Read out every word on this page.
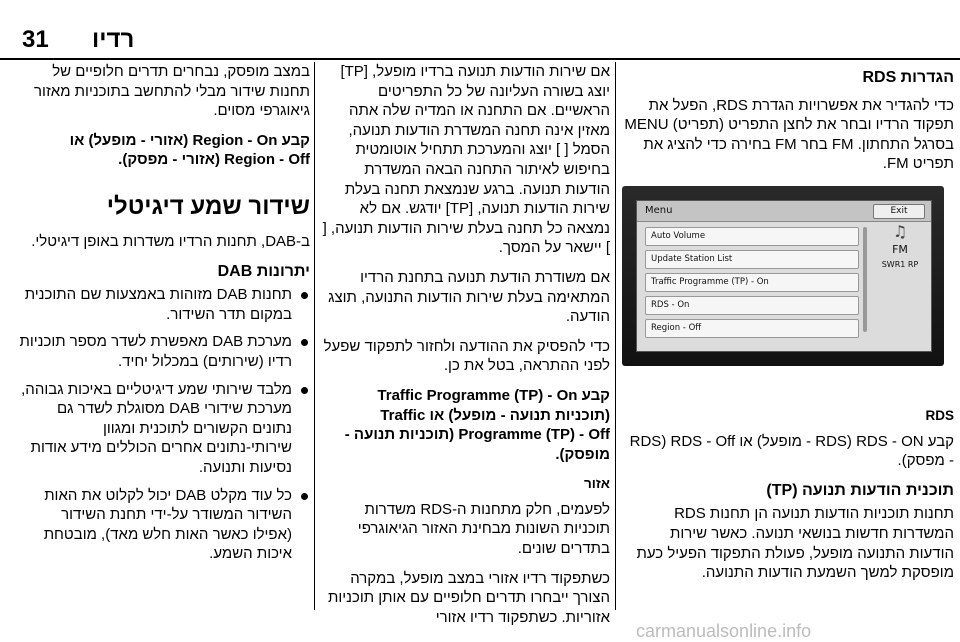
31 רדיו
הגדרות RDS

כדי להגדיר את אפשרויות הגדרת RDS, הפעל את תפקוד הרדיו ובחר את לחצן התפריט (תפריט) MENU בסרגל התחתון. FM בחר FM בחירה כדי להציג את תפריט FM.

RDS

קבע RDS - ON (RDS - מופעל) או RDS - Off (RDS - מפסק).

תוכנית הודעות תנועה (TP)

תחנות תוכניות הודעות תנועה הן תחנות RDS המשדרות חדשות בנושאי תנועה. כאשר שירות הודעות התנועה מופעל, פעולת התפקוד הפעיל כעת מופסקת למשך השמעת הודעות התנועה.

Menu	Exit
Auto Volume
Update Station List
Traffic Programme (TP) - On
RDS - On
Region - Off
♫
FM
SWR1 RP

אם שירות הודעות תנועה ברדיו מופעל, [TP] יוצג בשורה העליונה של כל התפריטים הראשיים. אם התחנה או המדיה שלה אתה מאזין אינה תחנה המשדרת הודעות תנועה, הסמל [ ] יוצג והמערכת תתחיל אוטומטית בחיפוש לאיתור התחנה הבאה המשדרת הודעות תנועה. ברגע שנמצאת תחנה בעלת שירות הודעות תנועה, [TP] יודגש. אם לא נמצאה כל תחנה בעלת שירות הודעות תנועה, [ ] יישאר על המסך.

אם משודרת הודעת תנועה בתחנת הרדיו המתאימה בעלת שירות הודעות התנועה, תוצג הודעה.

כדי להפסיק את ההודעה ולחזור לתפקוד שפעל לפני ההתראה, בטל את כן.

קבע Traffic Programme (TP) - On (תוכניות תנועה - מופעל) או Traffic Programme (TP) - Off (תוכניות תנועה - מופסק).

אזור

לפעמים, חלק מתחנות ה-RDS משדרות תוכניות השונות מבחינת האזור הגיאוגרפי בתדרים שונים.

כשתפקוד רדיו אזורי במצב מופעל, במקרה הצורך ייבחרו תדרים חלופיים עם אותן תוכניות אזוריות. כשתפקוד רדיו אזורי

במצב מופסק, נבחרים תדרים חלופיים של תחנות שידור מבלי להתחשב בתוכניות מאזור גיאוגרפי מסוים.

קבע Region - On (אזורי - מופעל) או Region - Off (אזורי - מפסק).

שידור שמע דיגיטלי

ב-DAB, תחנות הרדיו משדרות באופן דיגיטלי.

יתרונות DAB
תחנות DAB מזוהות באמצעות שם התוכנית במקום תדר השידור.
מערכת DAB מאפשרת לשדר מספר תוכניות רדיו (שירותים) במכלול יחיד.
מלבד שירותי שמע דיגיטליים באיכות גבוהה, מערכת שידורי DAB מסוגלת לשדר גם נתונים הקשורים לתוכנית ומגוון שירותי-נתונים אחרים הכוללים מידע אודות נסיעות ותנועה.
כל עוד מקלט DAB יכול לקלוט את האות השידור המשודר על-ידי תחנת השידור (אפילו כאשר האות חלש מאד), מובטחת איכות השמע.
carmanualsonline.info
